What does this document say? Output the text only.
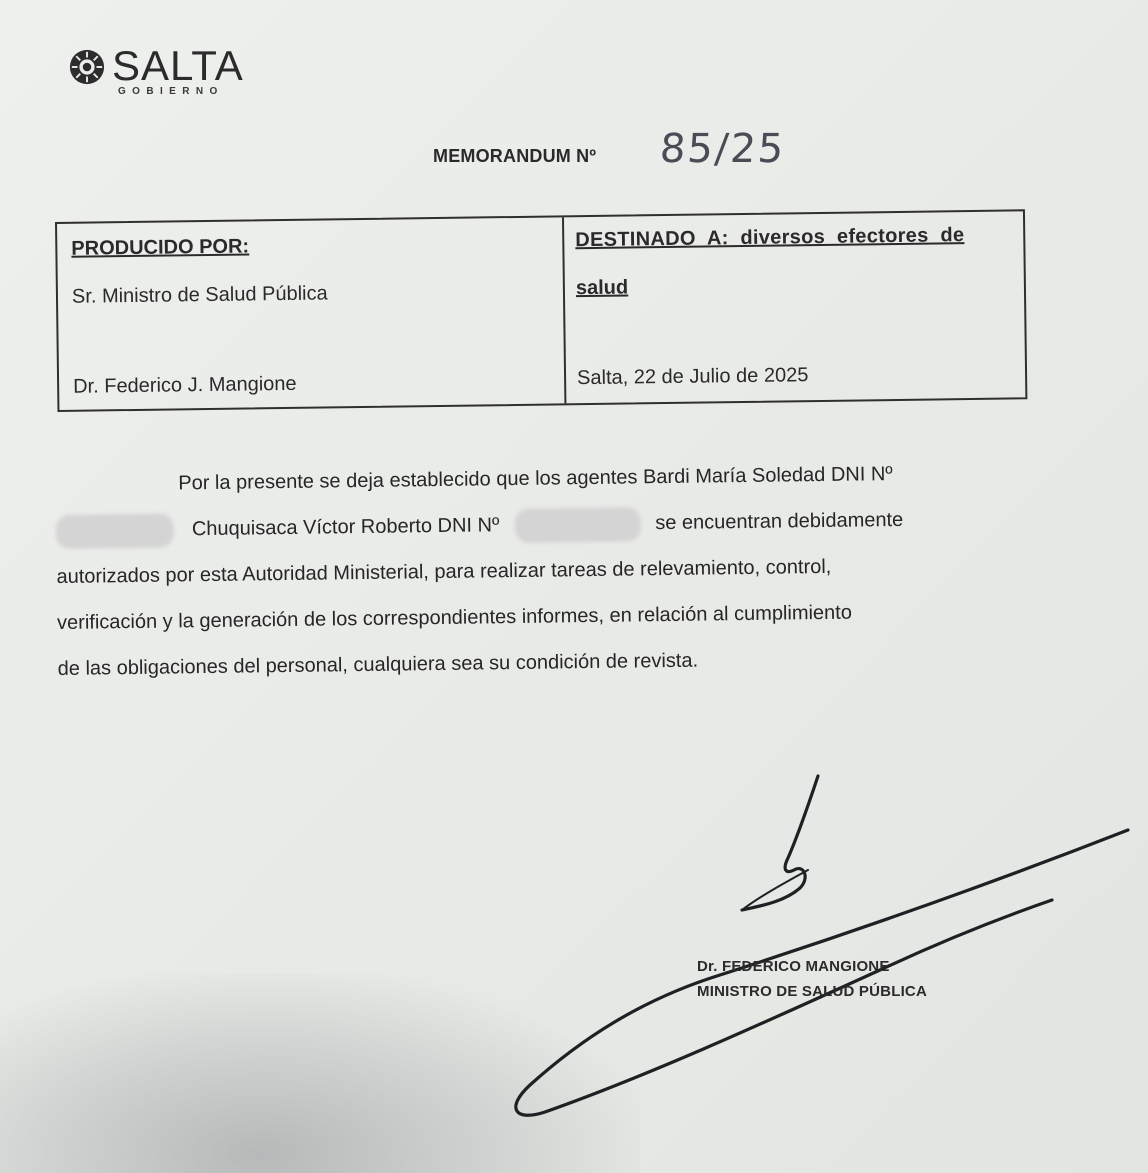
SALTA
GOBIERNO
MEMORANDUM Nº 85/25
PRODUCIDO POR:
Sr. Ministro de Salud Pública
Dr. Federico J. Mangione
DESTINADO A: diversos efectores de
salud
Salta, 22 de Julio de 2025
Por la presente se deja establecido que los agentes Bardi María Soledad DNI Nº
Chuquisaca Víctor Roberto DNI Nº	se encuentran debidamente
autorizados por esta Autoridad Ministerial, para realizar tareas de relevamiento, control,
verificación y la generación de los correspondientes informes, en relación al cumplimiento
de las obligaciones del personal, cualquiera sea su condición de revista.
Dr. FEDERICO MANGIONE
MINISTRO DE SALUD PÚBLICA
